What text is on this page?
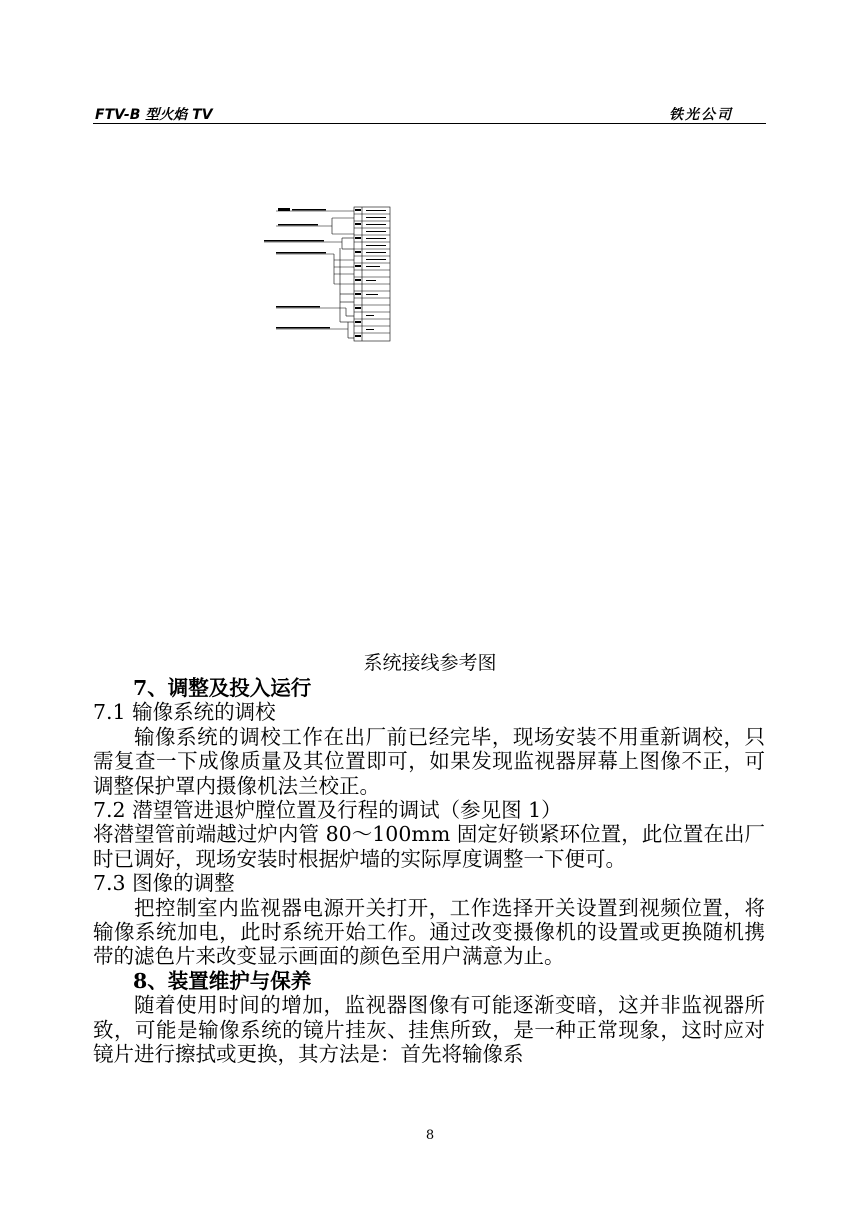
FTV-B 型火焰 TV	铁光公司
系统接线参考图

7、调整及投入运行

7.1 输像系统的调校

输像系统的调校工作在出厂前已经完毕，现场安装不用重新调校，只需复查一下成像质量及其位置即可，如果发现监视器屏幕上图像不正，可调整保护罩内摄像机法兰校正。

7.2 潜望管进退炉膛位置及行程的调试（参见图 1）

将潜望管前端越过炉内管 80～100mm 固定好锁紧环位置，此位置在出厂时已调好，现场安装时根据炉墙的实际厚度调整一下便可。

7.3 图像的调整

把控制室内监视器电源开关打开，工作选择开关设置到视频位置，将输像系统加电，此时系统开始工作。通过改变摄像机的设置或更换随机携带的滤色片来改变显示画面的颜色至用户满意为止。

8、装置维护与保养

随着使用时间的增加，监视器图像有可能逐渐变暗，这并非监视器所致，可能是输像系统的镜片挂灰、挂焦所致，是一种正常现象，这时应对镜片进行擦拭或更换，其方法是：首先将输像系

8
